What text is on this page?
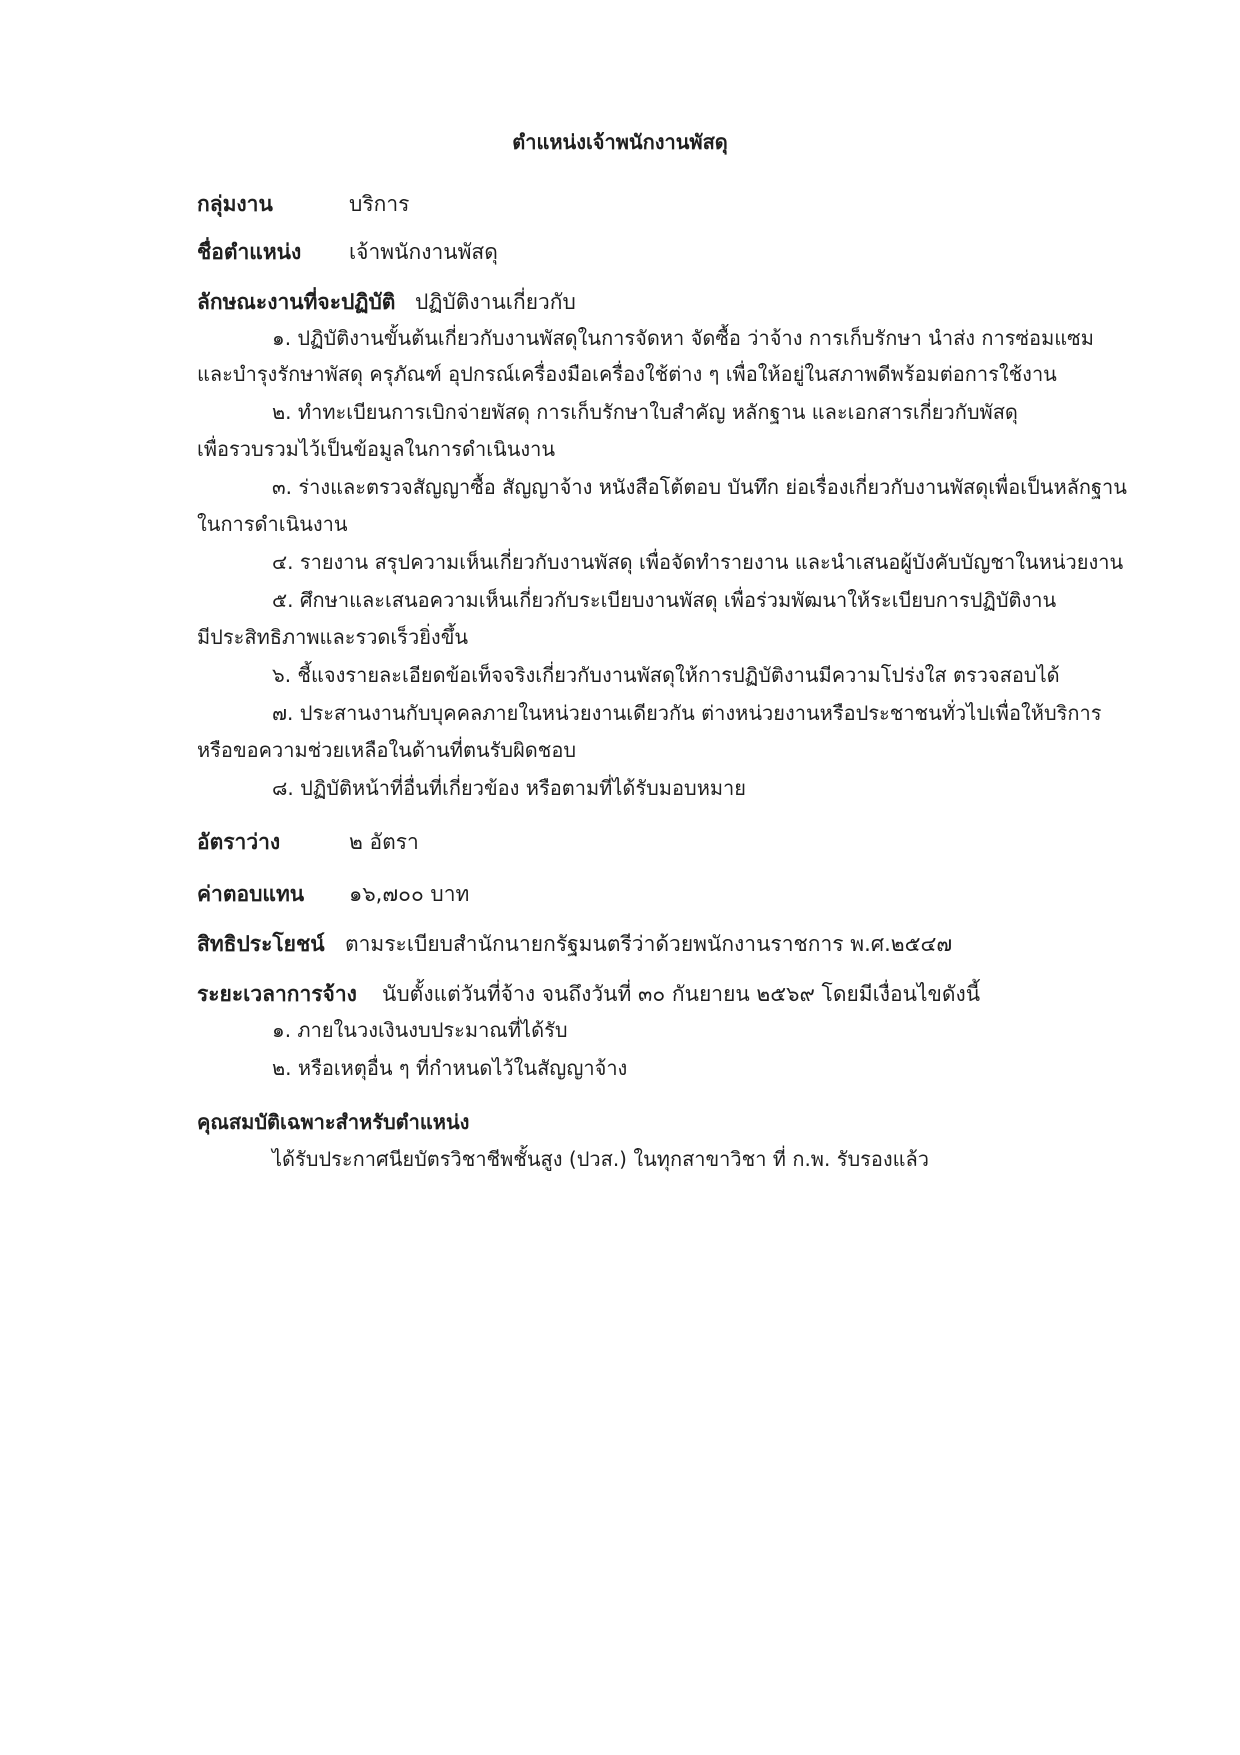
ตำแหน่งเจ้าพนักงานพัสดุ
กลุ่มงาน	บริการ
ชื่อตำแหน่ง เจ้าพนักงานพัสดุ
ลักษณะงานที่จะปฏิบัติ ปฏิบัติงานเกี่ยวกับ
๑. ปฏิบัติงานขั้นต้นเกี่ยวกับงานพัสดุในการจัดหา จัดซื้อ ว่าจ้าง การเก็บรักษา นำส่ง การซ่อมแซม
และบำรุงรักษาพัสดุ ครุภัณฑ์ อุปกรณ์เครื่องมือเครื่องใช้ต่าง ๆ เพื่อให้อยู่ในสภาพดีพร้อมต่อการใช้งาน
๒. ทำทะเบียนการเบิกจ่ายพัสดุ การเก็บรักษาใบสำคัญ หลักฐาน และเอกสารเกี่ยวกับพัสดุ
เพื่อรวบรวมไว้เป็นข้อมูลในการดำเนินงาน
๓. ร่างและตรวจสัญญาซื้อ สัญญาจ้าง หนังสือโต้ตอบ บันทึก ย่อเรื่องเกี่ยวกับงานพัสดุเพื่อเป็นหลักฐาน
ในการดำเนินงาน
๔. รายงาน สรุปความเห็นเกี่ยวกับงานพัสดุ เพื่อจัดทำรายงาน และนำเสนอผู้บังคับบัญชาในหน่วยงาน
๕. ศึกษาและเสนอความเห็นเกี่ยวกับระเบียบงานพัสดุ เพื่อร่วมพัฒนาให้ระเบียบการปฏิบัติงาน
มีประสิทธิภาพและรวดเร็วยิ่งขึ้น
๖. ชี้แจงรายละเอียดข้อเท็จจริงเกี่ยวกับงานพัสดุให้การปฏิบัติงานมีความโปร่งใส ตรวจสอบได้
๗. ประสานงานกับบุคคลภายในหน่วยงานเดียวกัน ต่างหน่วยงานหรือประชาชนทั่วไปเพื่อให้บริการ
หรือขอความช่วยเหลือในด้านที่ตนรับผิดชอบ
๘. ปฏิบัติหน้าที่อื่นที่เกี่ยวข้อง หรือตามที่ได้รับมอบหมาย
อัตราว่าง	๒ อัตรา
ค่าตอบแทน ๑๖,๗๐๐ บาท
สิทธิประโยชน์ ตามระเบียบสำนักนายกรัฐมนตรีว่าด้วยพนักงานราชการ พ.ศ.๒๕๔๗
ระยะเวลาการจ้าง นับตั้งแต่วันที่จ้าง จนถึงวันที่ ๓๐ กันยายน ๒๕๖๙ โดยมีเงื่อนไขดังนี้
๑. ภายในวงเงินงบประมาณที่ได้รับ
๒. หรือเหตุอื่น ๆ ที่กำหนดไว้ในสัญญาจ้าง
คุณสมบัติเฉพาะสำหรับตำแหน่ง
ได้รับประกาศนียบัตรวิชาชีพชั้นสูง (ปวส.) ในทุกสาขาวิชา ที่ ก.พ. รับรองแล้ว
